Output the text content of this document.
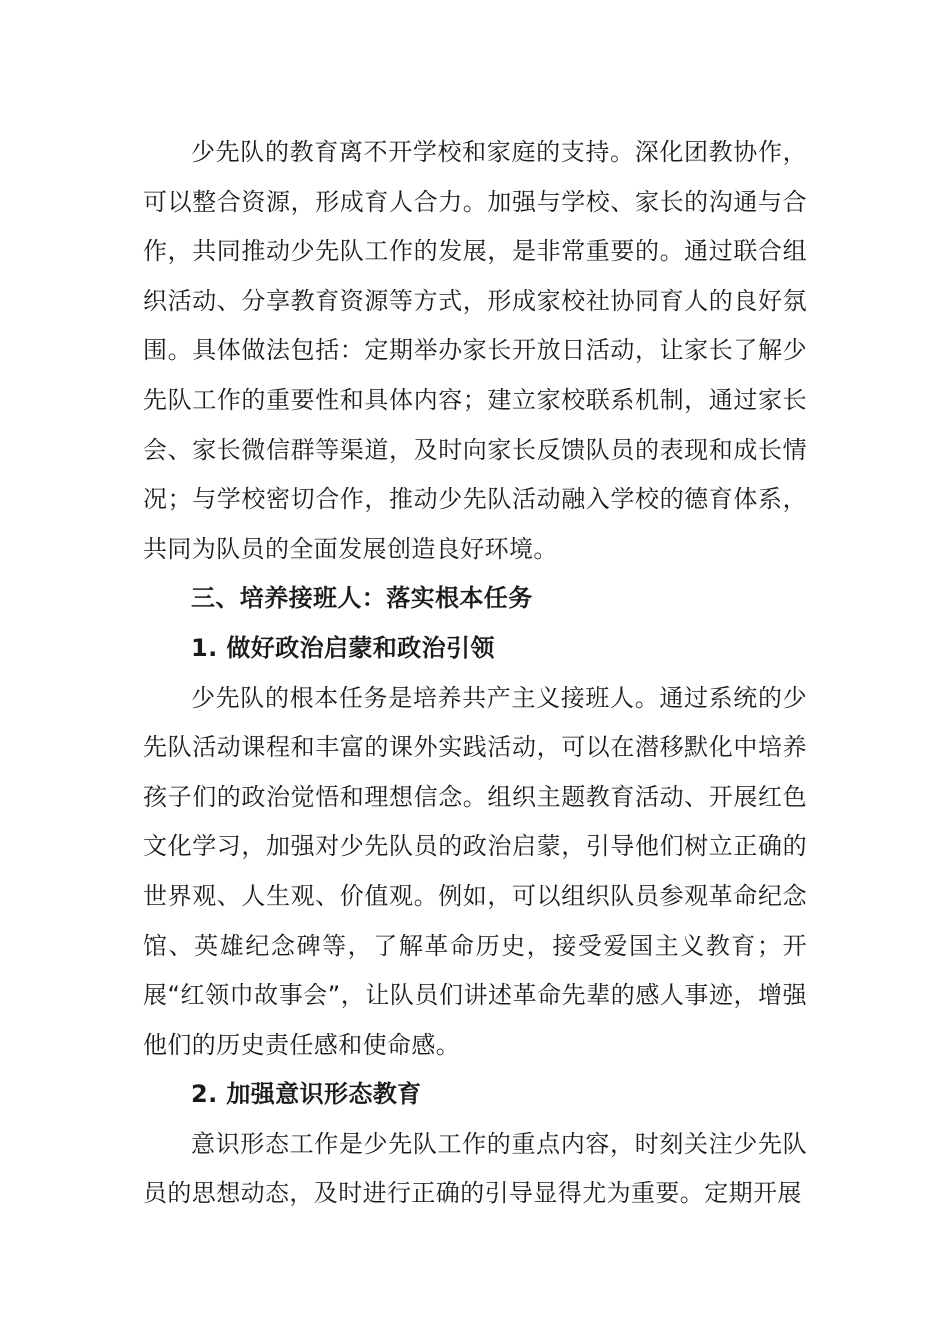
少先队的教育离不开学校和家庭的支持。深化团教协作，可以整合资源，形成育人合力。加强与学校、家长的沟通与合作，共同推动少先队工作的发展，是非常重要的。通过联合组织活动、分享教育资源等方式，形成家校社协同育人的良好氛围。具体做法包括：定期举办家长开放日活动，让家长了解少先队工作的重要性和具体内容；建立家校联系机制，通过家长会、家长微信群等渠道，及时向家长反馈队员的表现和成长情况；与学校密切合作，推动少先队活动融入学校的德育体系，共同为队员的全面发展创造良好环境。

三、培养接班人：落实根本任务
1. 做好政治启蒙和政治引领

少先队的根本任务是培养共产主义接班人。通过系统的少先队活动课程和丰富的课外实践活动，可以在潜移默化中培养孩子们的政治觉悟和理想信念。组织主题教育活动、开展红色文化学习，加强对少先队员的政治启蒙，引导他们树立正确的世界观、人生观、价值观。例如，可以组织队员参观革命纪念馆、英雄纪念碑等，了解革命历史，接受爱国主义教育；开展“红领巾故事会”，让队员们讲述革命先辈的感人事迹，增强他们的历史责任感和使命感。

2. 加强意识形态教育

意识形态工作是少先队工作的重点内容，时刻关注少先队员的思想动态，及时进行正确的引导显得尤为重要。定期开展
